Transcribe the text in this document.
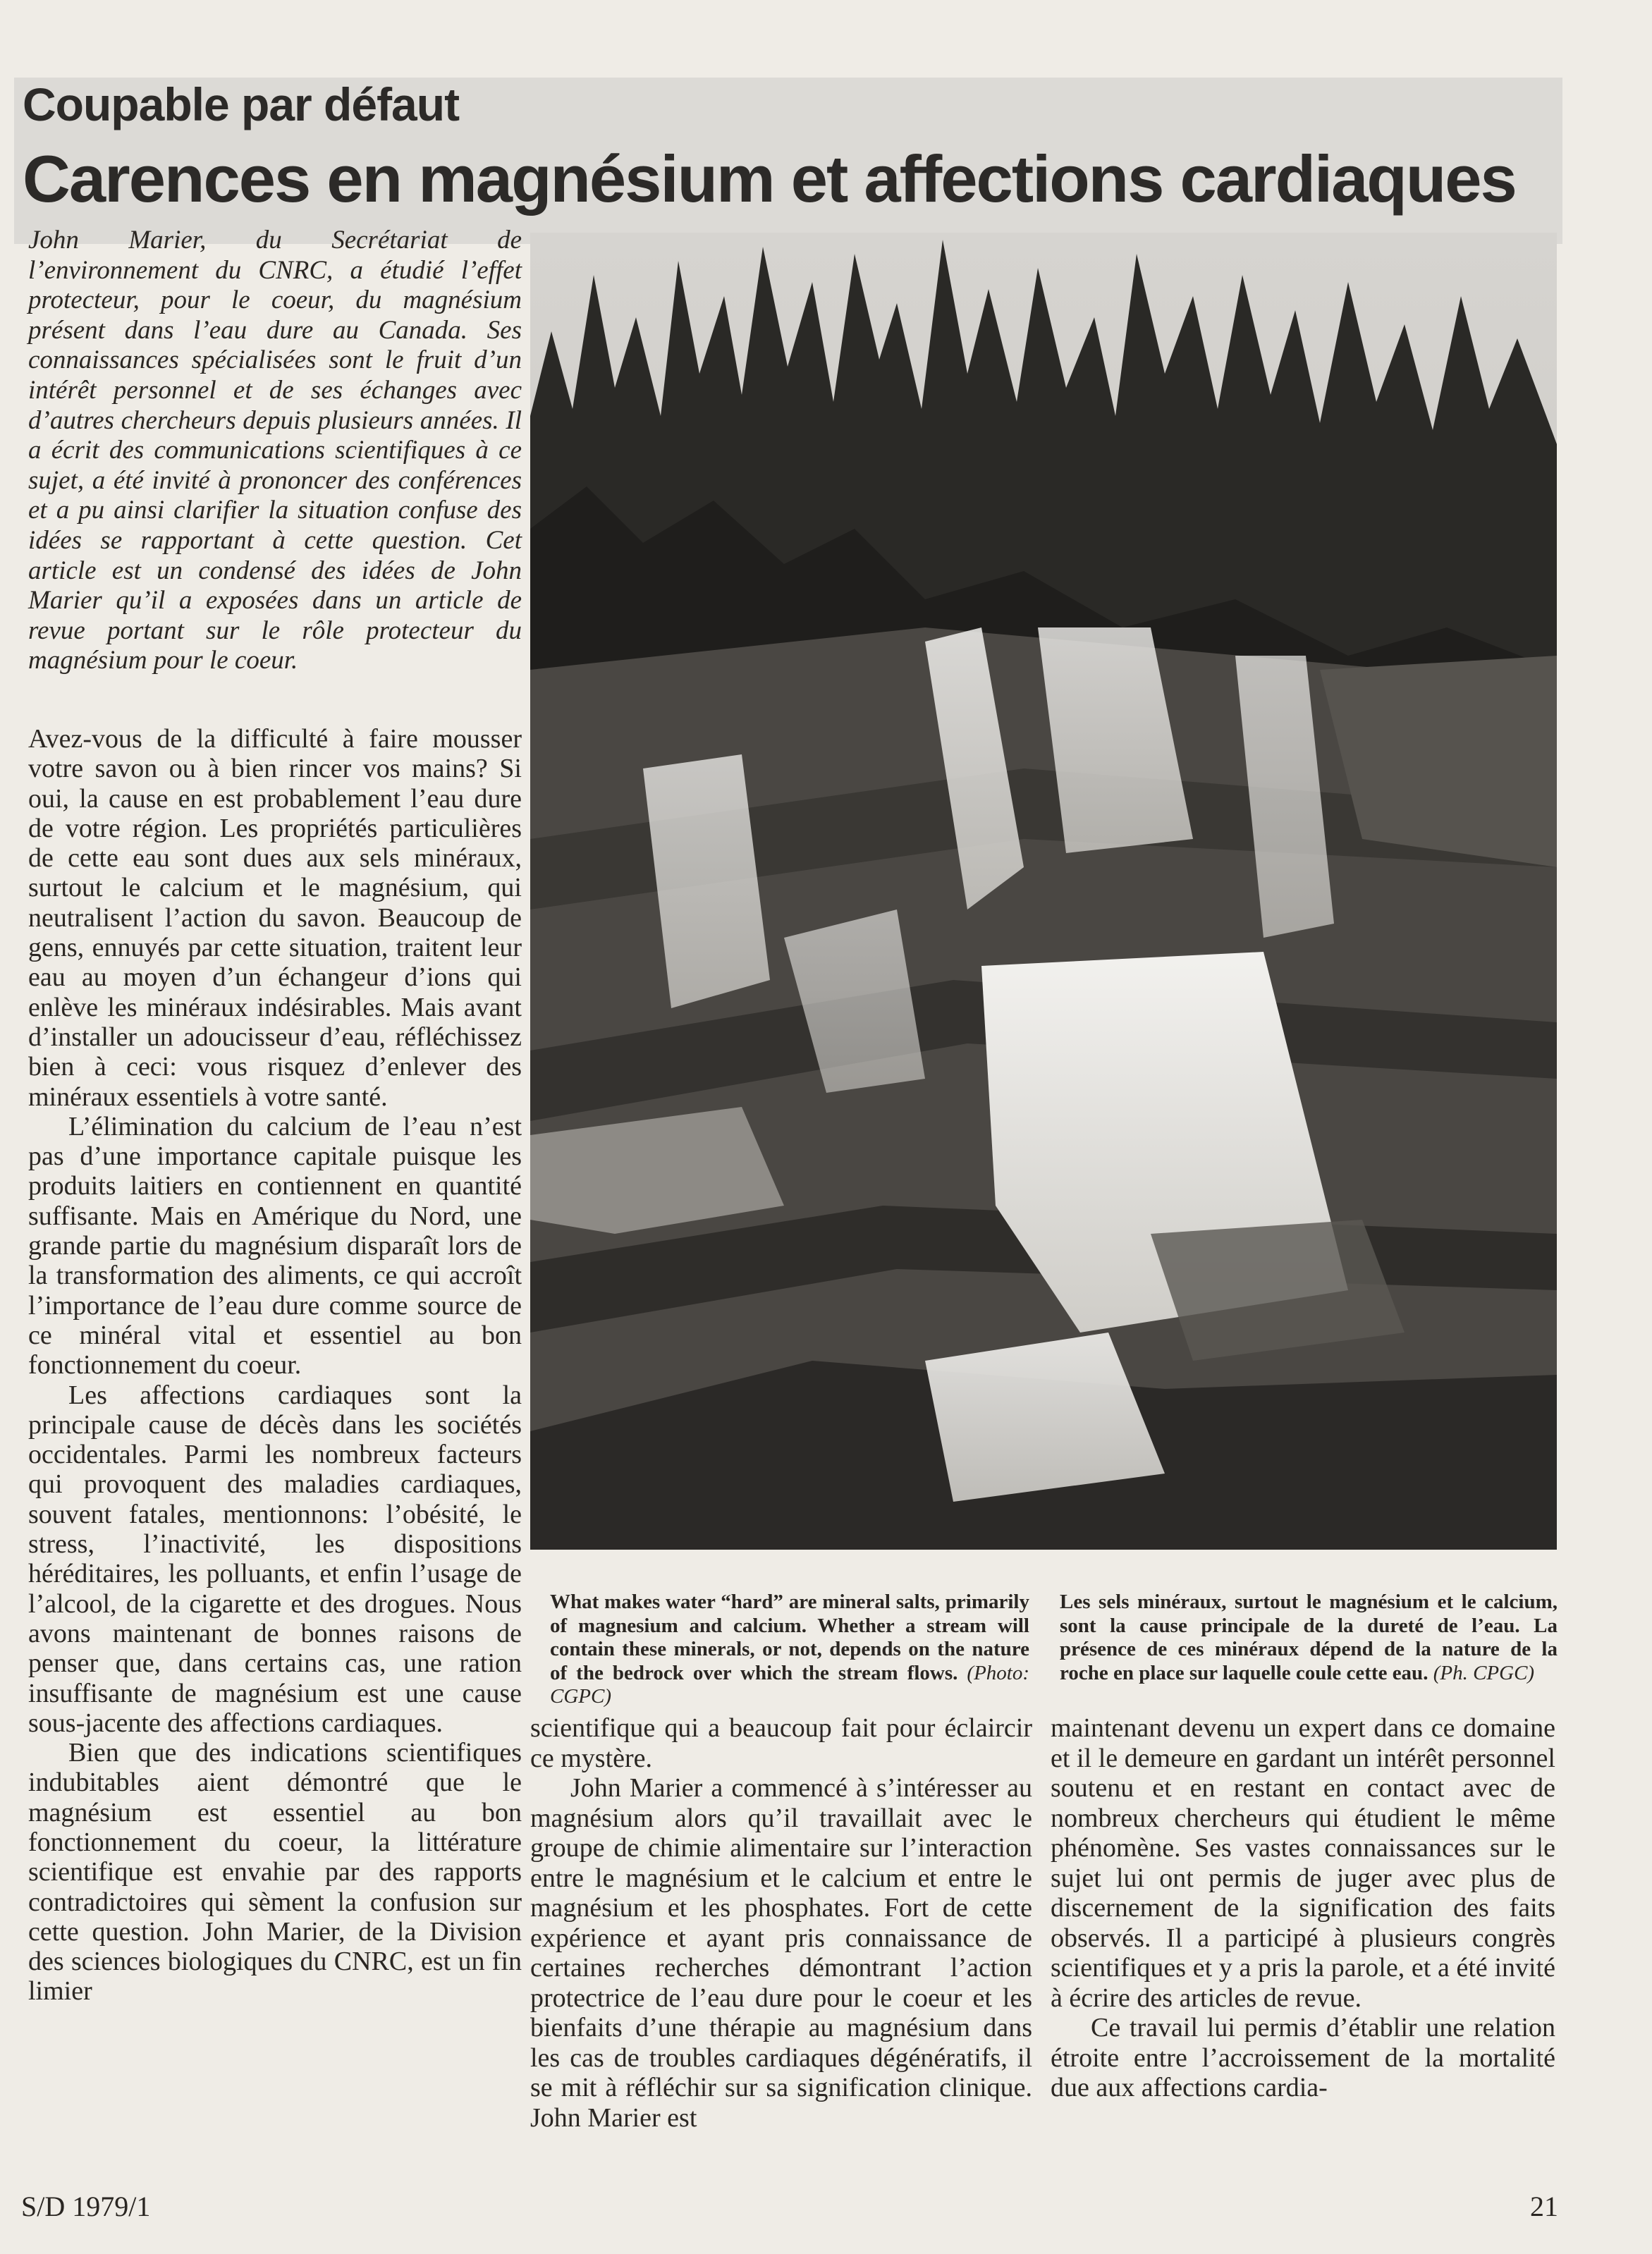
Coupable par défaut
Carences en magnésium et affections cardiaques
John Marier, du Secrétariat de l’environnement du CNRC, a étudié l’effet protecteur, pour le coeur, du magnésium présent dans l’eau dure au Canada. Ses connaissances spécialisées sont le fruit d’un intérêt personnel et de ses échanges avec d’autres chercheurs depuis plusieurs années. Il a écrit des communications scientifiques à ce sujet, a été invité à prononcer des conférences et a pu ainsi clarifier la situation confuse des idées se rapportant à cette question. Cet article est un condensé des idées de John Marier qu’il a exposées dans un article de revue portant sur le rôle protecteur du magnésium pour le coeur.

Avez-vous de la difficulté à faire mousser votre savon ou à bien rincer vos mains? Si oui, la cause en est probablement l’eau dure de votre région. Les propriétés particulières de cette eau sont dues aux sels minéraux, surtout le calcium et le magnésium, qui neutralisent l’action du savon. Beaucoup de gens, ennuyés par cette situation, traitent leur eau au moyen d’un échangeur d’ions qui enlève les minéraux indésirables. Mais avant d’installer un adoucisseur d’eau, réfléchissez bien à ceci: vous risquez d’enlever des minéraux essentiels à votre santé.

L’élimination du calcium de l’eau n’est pas d’une importance capitale puisque les produits laitiers en contiennent en quantité suffisante. Mais en Amérique du Nord, une grande partie du magnésium disparaît lors de la transformation des aliments, ce qui accroît l’importance de l’eau dure comme source de ce minéral vital et essentiel au bon fonctionnement du coeur.

Les affections cardiaques sont la principale cause de décès dans les sociétés occidentales. Parmi les nombreux facteurs qui provoquent des maladies cardiaques, souvent fatales, mentionnons: l’obésité, le stress, l’inactivité, les dispositions héréditaires, les polluants, et enfin l’usage de l’alcool, de la cigarette et des drogues. Nous avons maintenant de bonnes raisons de penser que, dans certains cas, une ration insuffisante de magnésium est une cause sous-jacente des affections cardiaques.

Bien que des indications scientifiques indubitables aient démontré que le magnésium est essentiel au bon fonctionnement du coeur, la littérature scientifique est envahie par des rapports contradictoires qui sèment la confusion sur cette question. John Marier, de la Division des sciences biologiques du CNRC, est un fin limier

What makes water “hard” are mineral salts, primarily of magnesium and calcium. Whether a stream will contain these minerals, or not, depends on the nature of the bedrock over which the stream flows. (Photo: CGPC)
Les sels minéraux, surtout le magnésium et le calcium, sont la cause principale de la dureté de l’eau. La présence de ces minéraux dépend de la nature de la roche en place sur laquelle coule cette eau. (Ph. CPGC)

scientifique qui a beaucoup fait pour éclaircir ce mystère.

John Marier a commencé à s’intéresser au magnésium alors qu’il travaillait avec le groupe de chimie alimentaire sur l’interaction entre le magnésium et le calcium et entre le magnésium et les phosphates. Fort de cette expérience et ayant pris connaissance de certaines recherches démontrant l’action protectrice de l’eau dure pour le coeur et les bienfaits d’une thérapie au magnésium dans les cas de troubles cardiaques dégénératifs, il se mit à réfléchir sur sa signification clinique. John Marier est

maintenant devenu un expert dans ce domaine et il le demeure en gardant un intérêt personnel soutenu et en restant en contact avec de nombreux chercheurs qui étudient le même phénomène. Ses vastes connaissances sur le sujet lui ont permis de juger avec plus de discernement de la signification des faits observés. Il a participé à plusieurs congrès scientifiques et y a pris la parole, et a été invité à écrire des articles de revue.

Ce travail lui permis d’établir une relation étroite entre l’accroissement de la mortalité due aux affections cardia-

S/D 1979/1	21
